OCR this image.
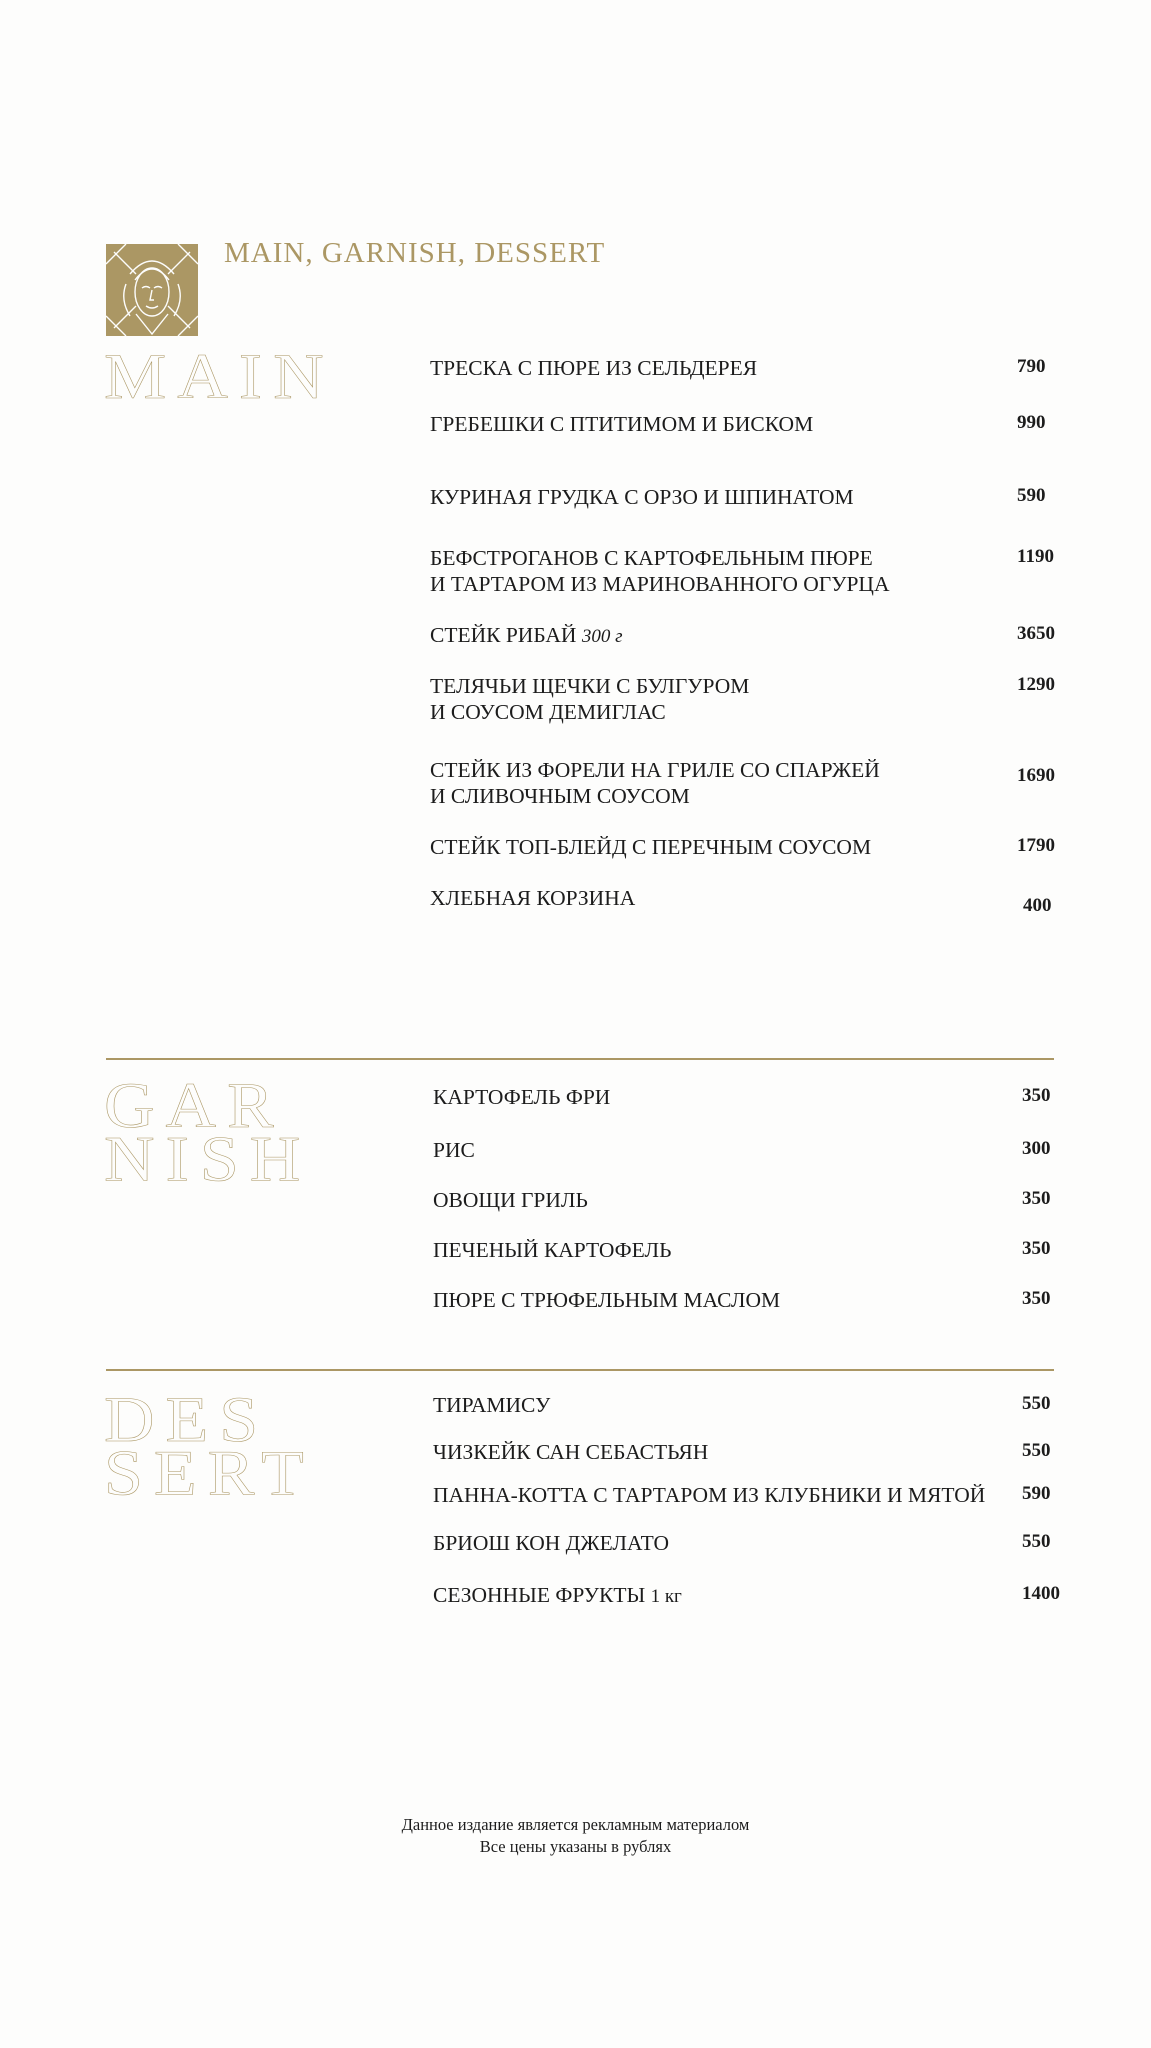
MAIN, GARNISH, DESSERT
MAIN	ТРЕСКА С ПЮРЕ ИЗ СЕЛЬДЕРЕЯ	790
ГРЕБЕШКИ С ПТИТИМОМ И БИСКОМ	990
КУРИНАЯ ГРУДКА С ОРЗО И ШПИНАТОМ	590
БЕФСТРОГАНОВ С КАРТОФЕЛЬНЫМ ПЮРЕ
И ТАРТАРОМ ИЗ МАРИНОВАННОГО ОГУРЦА
1190
СТЕЙК РИБАЙ 300 г	3650
ТЕЛЯЧЬИ ЩЕЧКИ С БУЛГУРОМ
И СОУСОМ ДЕМИГЛАС
1290
СТЕЙК ИЗ ФОРЕЛИ НА ГРИЛЕ СО СПАРЖЕЙ
И СЛИВОЧНЫМ СОУСОМ
1690
СТЕЙК ТОП-БЛЕЙД С ПЕРЕЧНЫМ СОУСОМ	1790
ХЛЕБНАЯ КОРЗИНА	400
GAR
NISH
КАРТОФЕЛЬ ФРИ	350
РИС	300
ОВОЩИ ГРИЛЬ	350
ПЕЧЕНЫЙ КАРТОФЕЛЬ	350
ПЮРЕ С ТРЮФЕЛЬНЫМ МАСЛОМ	350
DES
SERT
ТИРАМИСУ	550
ЧИЗКЕЙК САН СЕБАСТЬЯН	550
ПАННА-КОТТА С ТАРТАРОМ ИЗ КЛУБНИКИ И МЯТОЙ 590
БРИОШ КОН ДЖЕЛАТО	550
СЕЗОННЫЕ ФРУКТЫ 1 кг	1400
Данное издание является рекламным материалом
Все цены указаны в рублях
